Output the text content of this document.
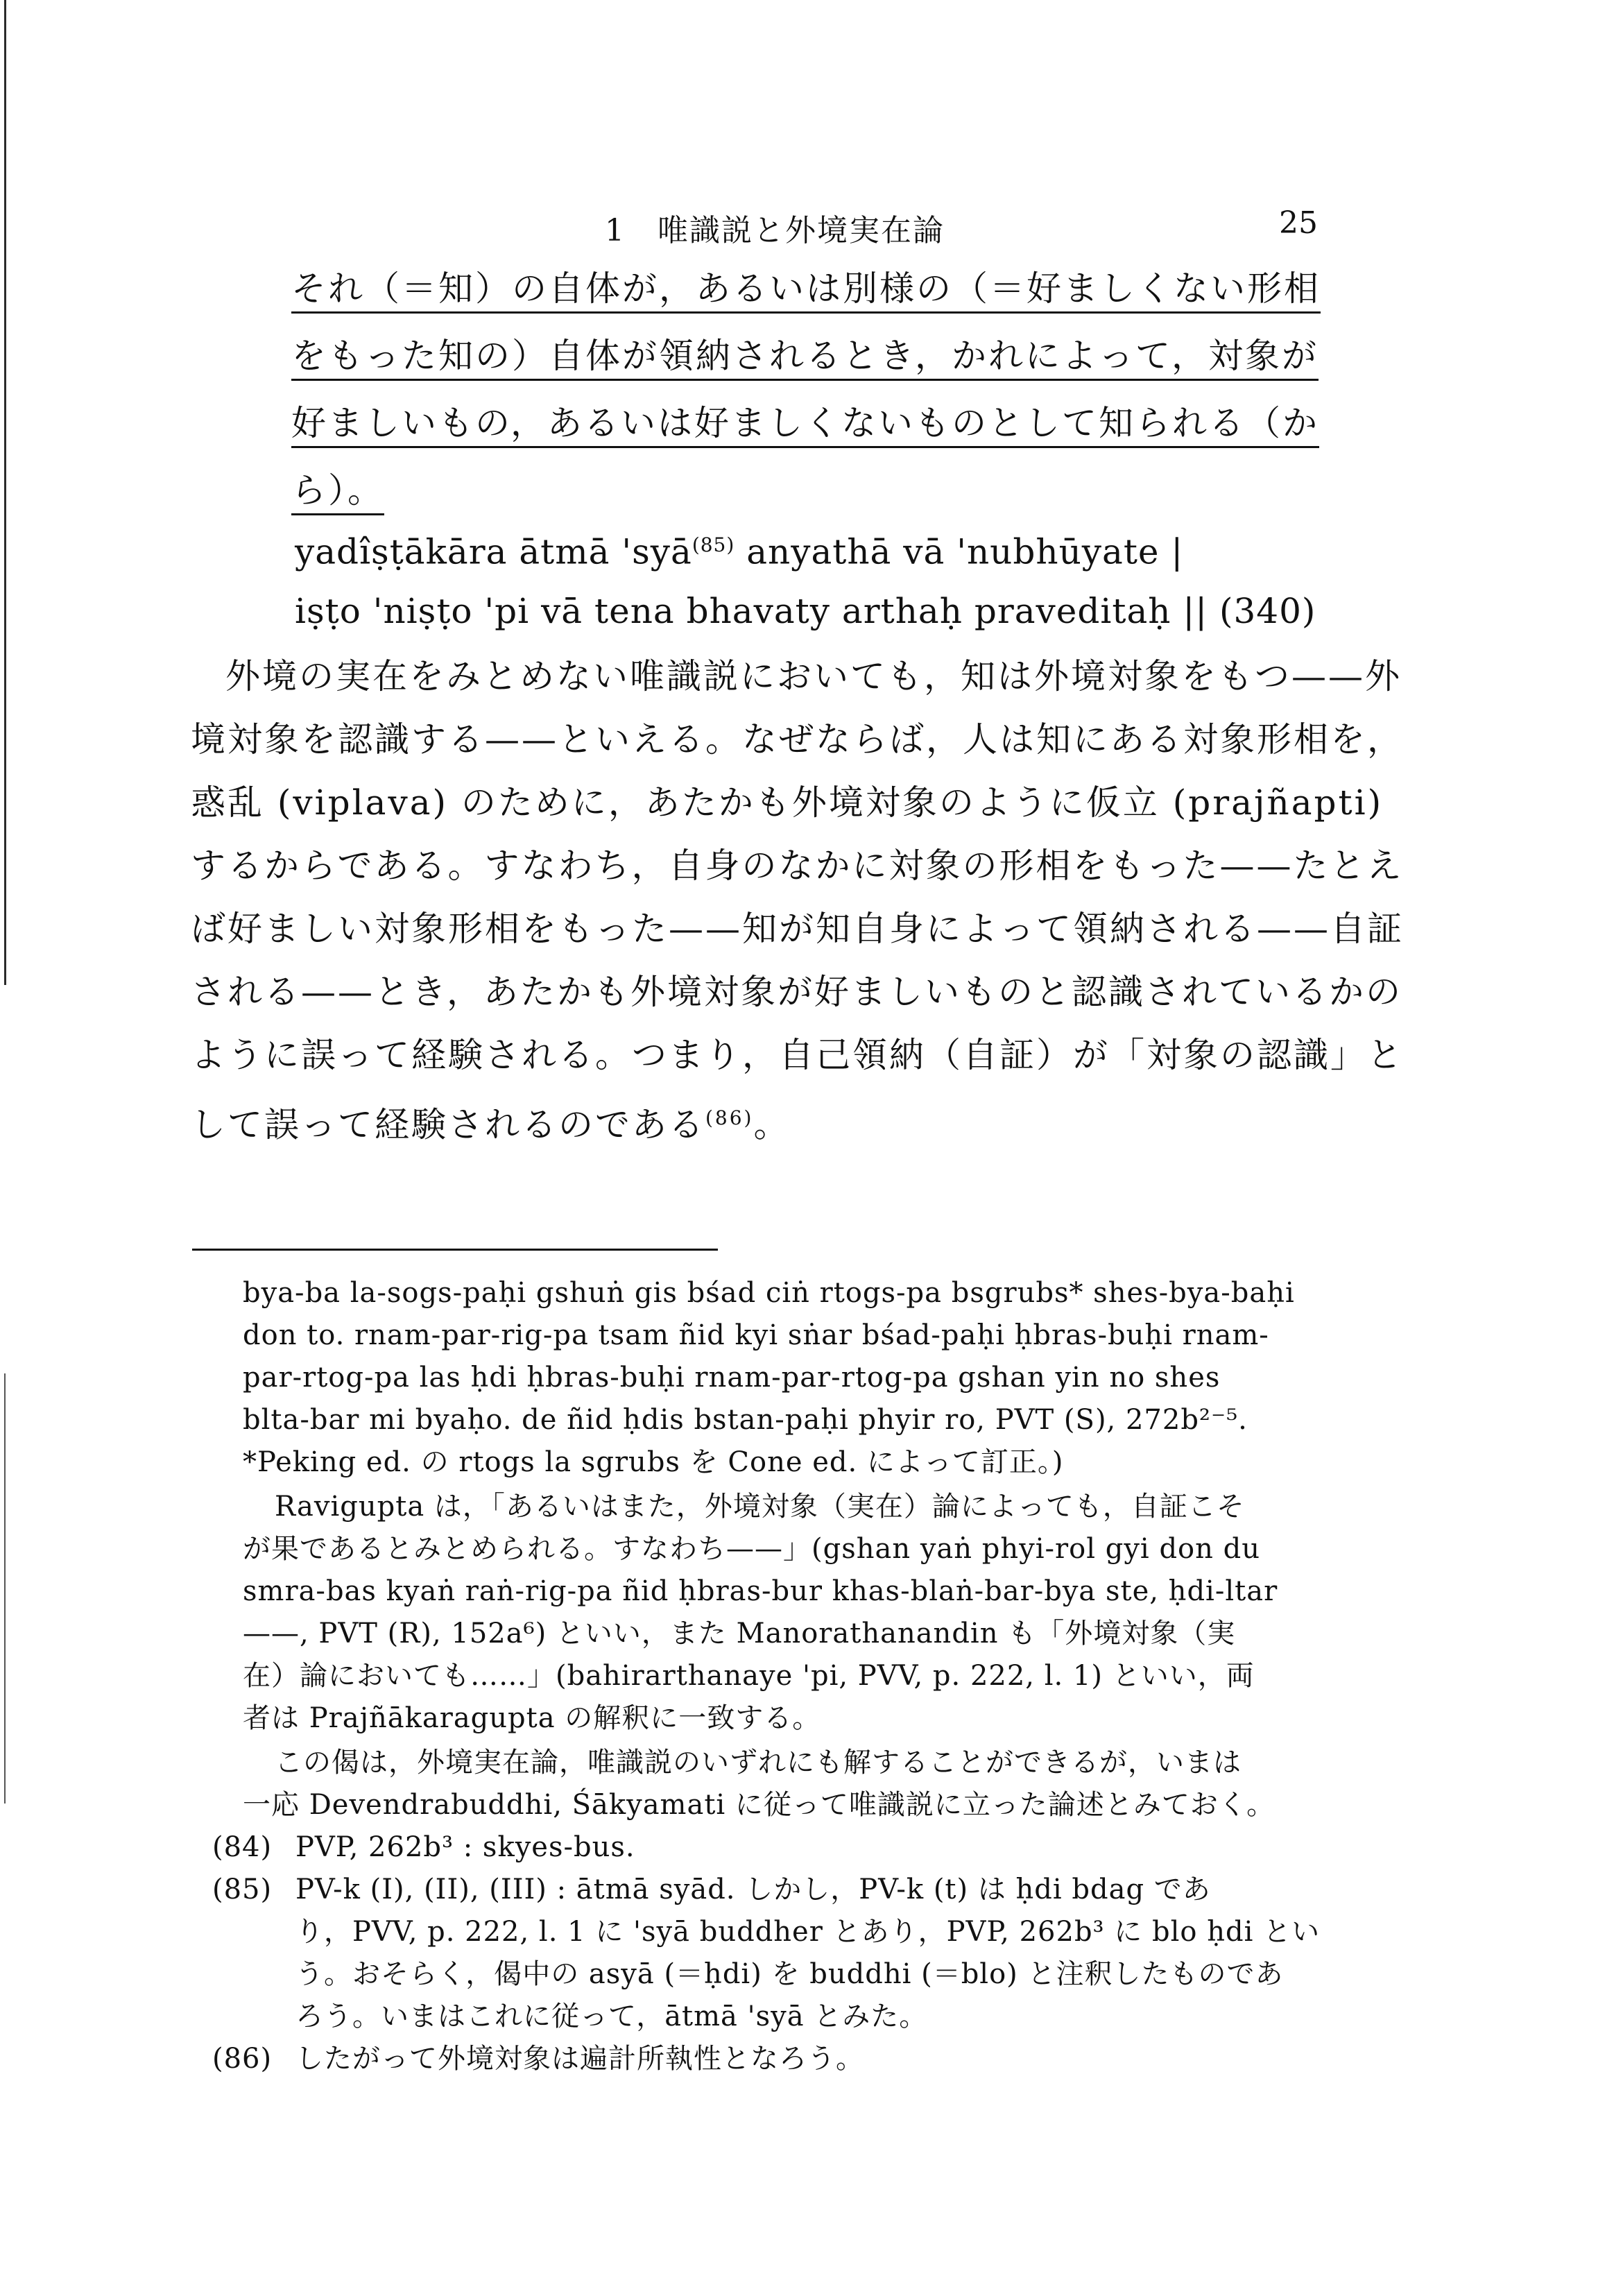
1　唯識説と外境実在論	25
それ（＝知）の自体が，あるいは別様の（＝好ましくない形相
をもった知の）自体が領納されるとき，かれによって，対象が
好ましいもの，あるいは好ましくないものとして知られる（か
ら）。
yadîṣṭākāra ātmā 'syā$^{(85)}$ anyathā vā 'nubhūyate |
iṣṭo 'niṣṭo 'pi vā tena bhavaty arthaḥ praveditaḥ || (340)
外境の実在をみとめない唯識説においても，知は外境対象をもつ——外
境対象を認識する——といえる。なぜならば，人は知にある対象形相を，
惑乱 (viplava) のために，あたかも外境対象のように仮立 (prajñapti)
するからである。すなわち，自身のなかに対象の形相をもった——たとえ
ば好ましい対象形相をもった——知が知自身によって領納される——自証
される——とき，あたかも外境対象が好ましいものと認識されているかの
ように誤って経験される。つまり，自己領納（自証）が「対象の認識」と
して誤って経験されるのである$^{(86)}$。
bya-ba la-sogs-paḥi gshuṅ gis bśad ciṅ rtogs-pa bsgrubs* shes-bya-baḥi
don to. rnam-par-rig-pa tsam ñid kyi sṅar bśad-paḥi ḥbras-buḥi rnam-
par-rtog-pa las ḥdi ḥbras-buḥi rnam-par-rtog-pa gshan yin no shes
blta-bar mi byaḥo. de ñid ḥdis bstan-paḥi phyir ro, PVT (S), 272b²⁻⁵.
*Peking ed. の rtogs la sgrubs を Cone ed. によって訂正。)
Ravigupta は，「あるいはまた，外境対象（実在）論によっても，自証こそ
が果であるとみとめられる。すなわち——」(gshan yaṅ phyi-rol gyi don du
smra-bas kyaṅ raṅ-rig-pa ñid ḥbras-bur khas-blaṅ-bar-bya ste, ḥdi-ltar
——, PVT (R), 152a⁶) といい，また Manorathanandin も「外境対象（実
在）論においても……」(bahirarthanaye 'pi, PVV, p. 222, l. 1) といい，両
者は Prajñākaragupta の解釈に一致する。
この偈は，外境実在論，唯識説のいずれにも解することができるが，いまは
一応 Devendrabuddhi, Śākyamati に従って唯識説に立った論述とみておく。
(84) PVP, 262b³ : skyes-bus.
(85) PV-k (I), (II), (III) : ātmā syād. しかし，PV-k (t) は ḥdi bdag であ
り，PVV, p. 222, l. 1 に 'syā buddher とあり，PVP, 262b³ に blo ḥdi とい
う。おそらく，偈中の asyā (＝ḥdi) を buddhi (＝blo) と注釈したものであ
ろう。いまはこれに従って，ātmā 'syā とみた。
(86) したがって外境対象は遍計所執性となろう。
